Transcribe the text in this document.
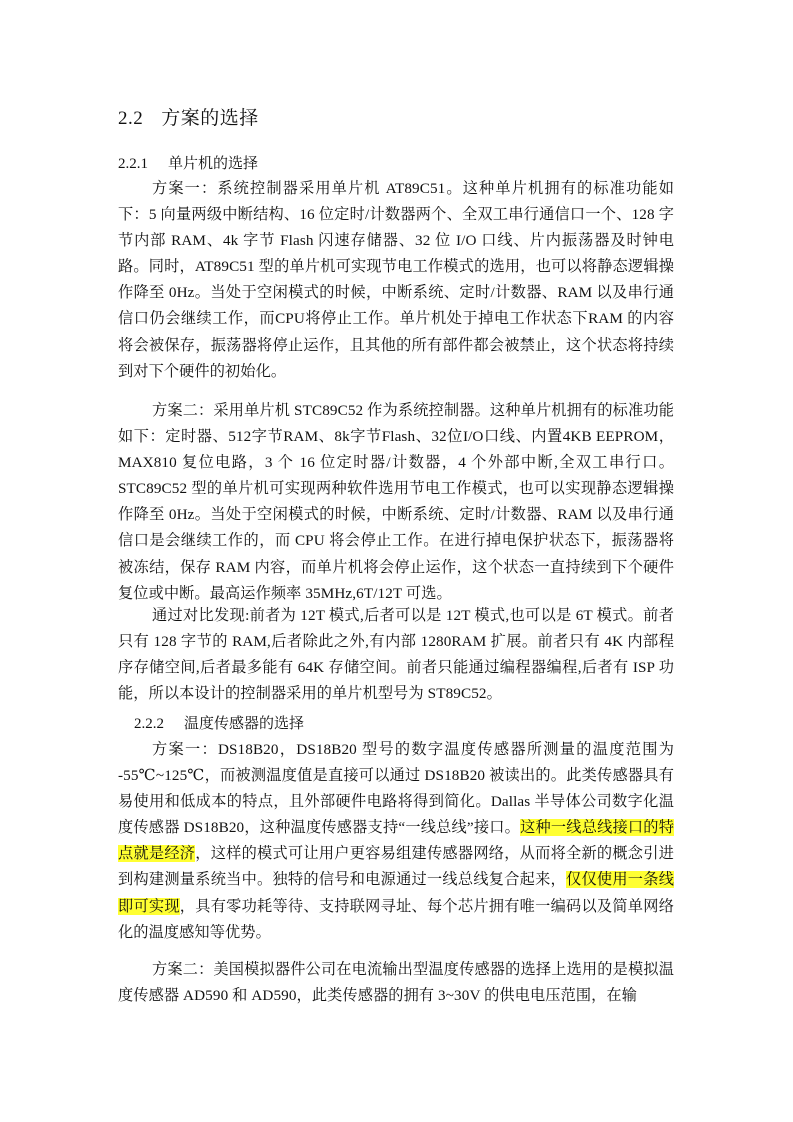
2.2 方案的选择
2.2.1 单片机的选择

方案一：系统控制器采用单片机 AT89C51。这种单片机拥有的标准功能如下：5 向量两级中断结构、16 位定时/计数器两个、全双工串行通信口一个、128 字节内部 RAM、4k 字节 Flash 闪速存储器、32 位 I/O 口线、片内振荡器及时钟电路。同时，AT89C51 型的单片机可实现节电工作模式的选用，也可以将静态逻辑操作降至 0Hz。当处于空闲模式的时候，中断系统、定时/计数器、RAM 以及串行通信口仍会继续工作，而CPU将停止工作。单片机处于掉电工作状态下RAM 的内容将会被保存，振荡器将停止运作，且其他的所有部件都会被禁止，这个状态将持续到对下个硬件的初始化。

方案二：采用单片机 STC89C52 作为系统控制器。这种单片机拥有的标准功能如下：定时器、512字节RAM、8k字节Flash、32位I/O口线、内置4KB EEPROM，MAX810 复位电路，3 个 16 位定时器/计数器，4 个外部中断,全双工串行口。STC89C52 型的单片机可实现两种软件选用节电工作模式，也可以实现静态逻辑操作降至 0Hz。当处于空闲模式的时候，中断系统、定时/计数器、RAM 以及串行通信口是会继续工作的，而 CPU 将会停止工作。在进行掉电保护状态下，振荡器将被冻结，保存 RAM 内容，而单片机将会停止运作，这个状态一直持续到下个硬件复位或中断。最高运作频率 35MHz,6T/12T 可选。

通过对比发现:前者为 12T 模式,后者可以是 12T 模式,也可以是 6T 模式。前者只有 128 字节的 RAM,后者除此之外,有内部 1280RAM 扩展。前者只有 4K 内部程序存储空间,后者最多能有 64K 存储空间。前者只能通过编程器编程,后者有 ISP 功能，所以本设计的控制器采用的单片机型号为 ST89C52。

2.2.2 温度传感器的选择

方案一：DS18B20，DS18B20 型号的数字温度传感器所测量的温度范围为 -55℃~125℃，而被测温度值是直接可以通过 DS18B20 被读出的。此类传感器具有易使用和低成本的特点，且外部硬件电路将得到简化。Dallas 半导体公司数字化温度传感器 DS18B20，这种温度传感器支持“一线总线”接口。这种一线总线接口的特点就是经济，这样的模式可让用户更容易组建传感器网络，从而将全新的概念引进到构建测量系统当中。独特的信号和电源通过一线总线复合起来，仅仅使用一条线即可实现，具有零功耗等待、支持联网寻址、每个芯片拥有唯一编码以及简单网络化的温度感知等优势。

方案二：美国模拟器件公司在电流输出型温度传感器的选择上选用的是模拟温度传感器 AD590 和 AD590，此类传感器的拥有 3~30V 的供电电压范围，在输
